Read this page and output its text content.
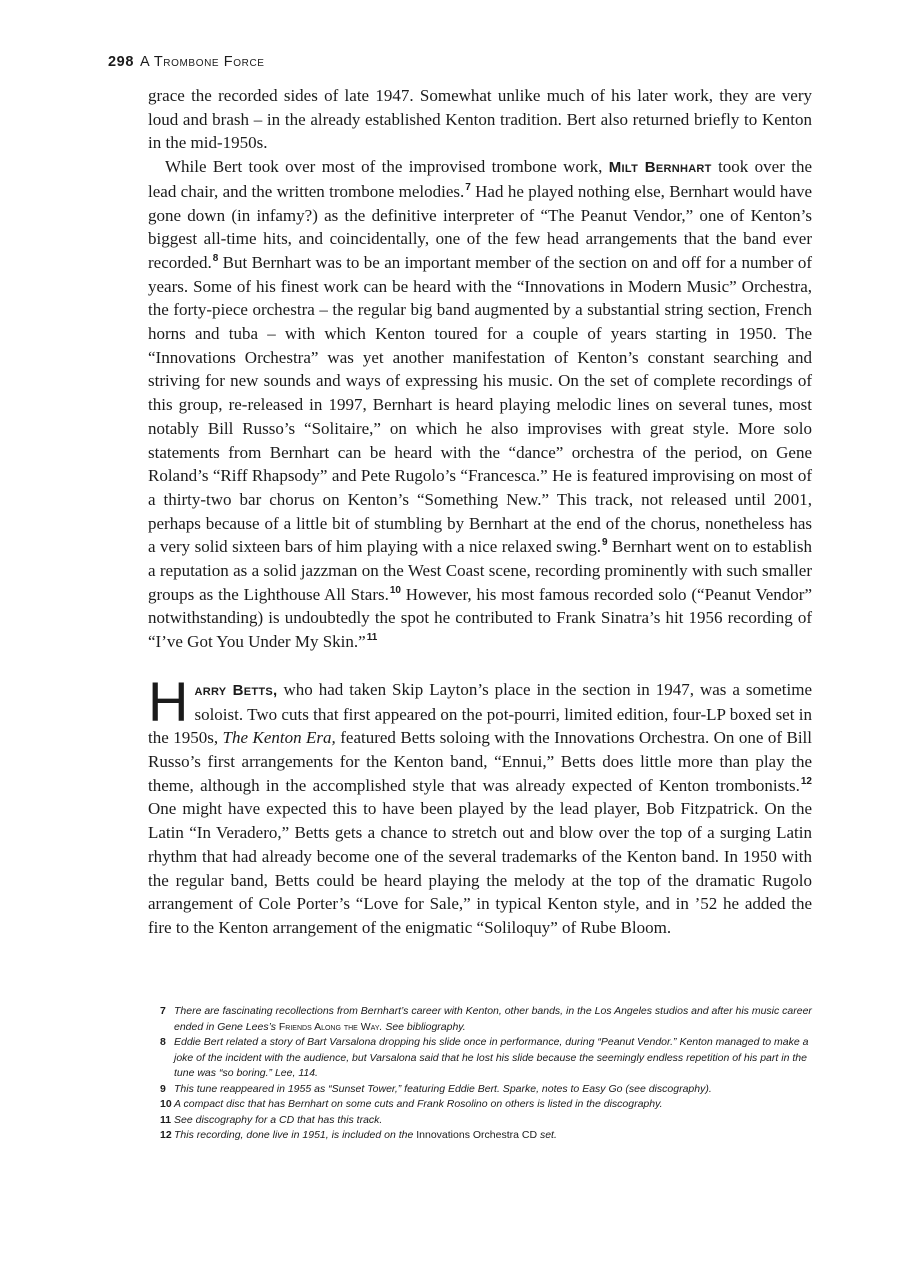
298 A Trombone Force

grace the recorded sides of late 1947. Somewhat unlike much of his later work, they are very loud and brash – in the already established Kenton tradition. Bert also returned briefly to Kenton in the mid-1950s.

While Bert took over most of the improvised trombone work, Milt Bernhart took over the lead chair, and the written trombone melodies.$^7$ Had he played nothing else, Bernhart would have gone down (in infamy?) as the definitive interpreter of “The Peanut Vendor,” one of Kenton’s biggest all-time hits, and coincidentally, one of the few head arrangements that the band ever recorded.$^8$ But Bernhart was to be an important member of the section on and off for a number of years. Some of his finest work can be heard with the “Innovations in Modern Music” Orchestra, the forty-piece orchestra – the regular big band augmented by a substantial string section, French horns and tuba – with which Kenton toured for a couple of years starting in 1950. The “Innovations Orchestra” was yet another manifestation of Kenton’s constant searching and striving for new sounds and ways of expressing his music. On the set of complete recordings of this group, re-released in 1997, Bernhart is heard playing melodic lines on several tunes, most notably Bill Russo’s “Solitaire,” on which he also improvises with great style. More solo statements from Bernhart can be heard with the “dance” orchestra of the period, on Gene Roland’s “Riff Rhapsody” and Pete Rugolo’s “Francesca.” He is featured improvising on most of a thirty-two bar chorus on Kenton’s “Something New.” This track, not released until 2001, perhaps because of a little bit of stumbling by Bernhart at the end of the chorus, nonetheless has a very solid sixteen bars of him playing with a nice relaxed swing.$^9$ Bernhart went on to establish a reputation as a solid jazzman on the West Coast scene, recording prominently with such smaller groups as the Lighthouse All Stars.$^{10}$ However, his most famous recorded solo (“Peanut Vendor” notwithstanding) is undoubtedly the spot he contributed to Frank Sinatra’s hit 1956 recording of “I’ve Got You Under My Skin.”$^{11}$

Harry Betts, who had taken Skip Layton’s place in the section in 1947, was a sometime soloist. Two cuts that first appeared on the pot-pourri, limited edition, four-LP boxed set in the 1950s, The Kenton Era, featured Betts soloing with the Innovations Orchestra. On one of Bill Russo’s first arrangements for the Kenton band, “Ennui,” Betts does little more than play the theme, although in the accomplished style that was already expected of Kenton trombonists.$^{12}$ One might have expected this to have been played by the lead player, Bob Fitzpatrick. On the Latin “In Veradero,” Betts gets a chance to stretch out and blow over the top of a surging Latin rhythm that had already become one of the several trademarks of the Kenton band. In 1950 with the regular band, Betts could be heard playing the melody at the top of the dramatic Rugolo arrangement of Cole Porter’s “Love for Sale,” in typical Kenton style, and in ’52 he added the fire to the Kenton arrangement of the enigmatic “Soliloquy” of Rube Bloom.

7 There are fascinating recollections from Bernhart’s career with Kenton, other bands, in the Los Angeles studios and after his music career ended in Gene Lees’s Friends Along the Way. See bibliography.
8 Eddie Bert related a story of Bart Varsalona dropping his slide once in performance, during “Peanut Vendor.” Kenton managed to make a joke of the incident with the audience, but Varsalona said that he lost his slide because the seemingly endless repetition of his part in the tune was “so boring.” Lee, 114.
9 This tune reappeared in 1955 as “Sunset Tower,” featuring Eddie Bert. Sparke, notes to Easy Go (see discography).
10 A compact disc that has Bernhart on some cuts and Frank Rosolino on others is listed in the discography.
11 See discography for a CD that has this track.
12 This recording, done live in 1951, is included on the Innovations Orchestra CD set.
